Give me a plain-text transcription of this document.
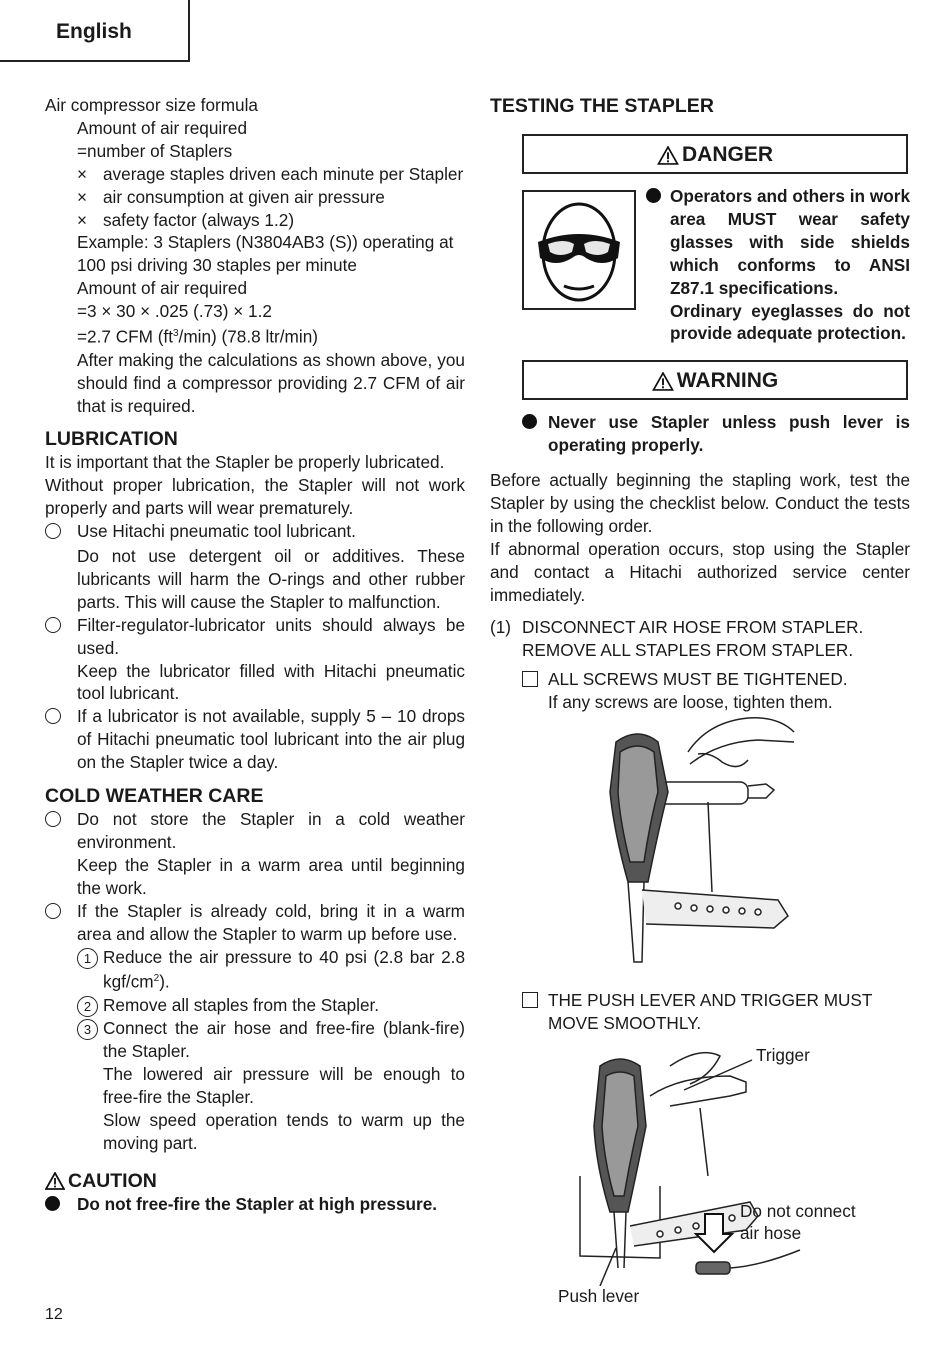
English

Air compressor size formula

Amount of air required

=number of Staplers

× average staples driven each minute per Stapler
× air consumption at given air pressure
× safety factor (always 1.2)

Example: 3 Staplers (N3804AB3 (S)) operating at 100 psi driving 30 staples per minute

Amount of air required

=3 × 30 × .025 (.73) × 1.2

=2.7 CFM $(ft^3/\min)$ (78.8 ltr/min)

After making the calculations as shown above, you should find a compressor providing 2.7 CFM of air that is required.

LUBRICATION

It is important that the Stapler be properly lubricated.

Without proper lubrication, the Stapler will not work properly and parts will wear prematurely.

Use Hitachi pneumatic tool lubricant.

Do not use detergent oil or additives. These lubricants will harm the O-rings and other rubber parts. This will cause the Stapler to malfunction.

Filter-regulator-lubricator units should always be used.

Keep the lubricator filled with Hitachi pneumatic tool lubricant.

If a lubricator is not available, supply 5 – 10 drops of Hitachi pneumatic tool lubricant into the air plug on the Stapler twice a day.

COLD WEATHER CARE

Do not store the Stapler in a cold weather environment.

Keep the Stapler in a warm area until beginning the work.

If the Stapler is already cold, bring it in a warm area and allow the Stapler to warm up before use.
1 Reduce the air pressure to 40 psi (2.8 bar 2.8 kgf/$cm^2$).
2 Remove all staples from the Stapler.
3 Connect the air hose and free-fire (blank-fire) the Stapler.

The lowered air pressure will be enough to free-fire the Stapler.

Slow speed operation tends to warm up the moving part.

CAUTION

Do not free-fire the Stapler at high pressure.

TESTING THE STAPLER

DANGER
Operators and others in work area MUST wear safety glasses with side shields which conforms to ANSI Z87.1 specifications.

Ordinary eyeglasses do not provide adequate protection.

WARNING
Never use Stapler unless push lever is operating properly.

Before actually beginning the stapling work, test the Stapler by using the checklist below. Conduct the tests in the following order.

If abnormal operation occurs, stop using the Stapler and contact a Hitachi authorized service center immediately.

(1) DISCONNECT AIR HOSE FROM STAPLER.
REMOVE ALL STAPLES FROM STAPLER.
ALL SCREWS MUST BE TIGHTENED.
If any screws are loose, tighten them.
THE PUSH LEVER AND TRIGGER MUST MOVE SMOOTHLY.
Trigger
Do not connect air hose
Push lever
12
